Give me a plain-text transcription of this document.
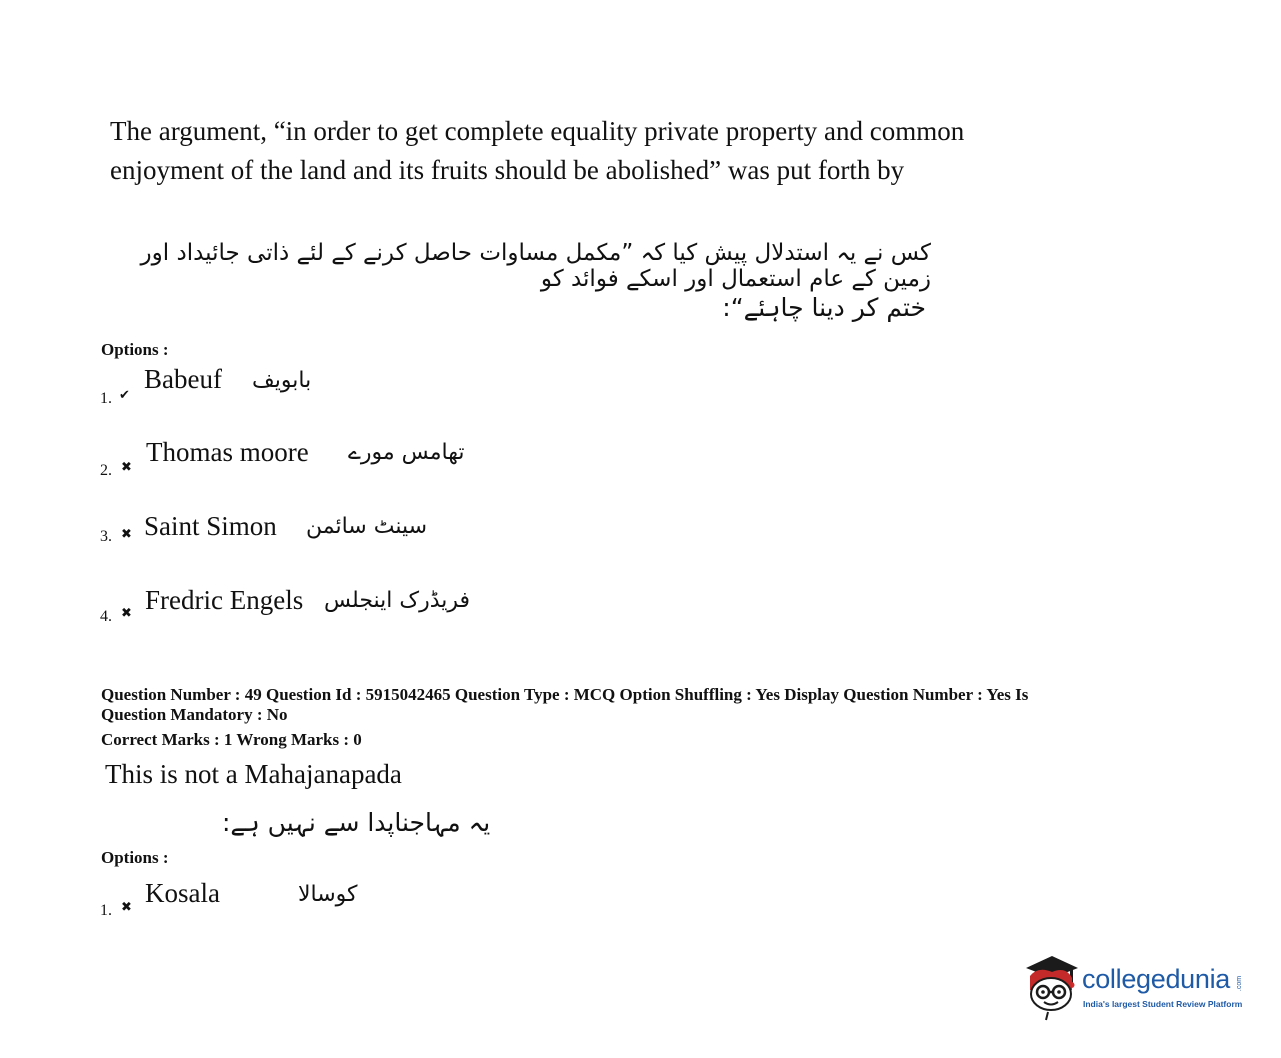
The argument, “in order to get complete equality private property and common enjoyment of the land and its fruits should be abolished” was put forth by
کس نے یہ استدلال پیش کیا کہ ”مکمل مساوات حاصل کرنے کے لئے ذاتی جائیداد اور زمین کے عام استعمال اور اسکے فوائد کو
ختم کر دینا چاہئے“:
Options :
1. ✔
Babeuf بابویف
2. ✖
Thomas moore تھامس مورے
3. ✖ Saint Simon سینٹ سائمن
4. ✖ Fredric Engels فریڈرک اینجلس
Question Number : 49 Question Id : 5915042465 Question Type : MCQ Option Shuffling : Yes Display Question Number : Yes Is
Question Mandatory : No
Correct Marks : 1 Wrong Marks : 0
This is not a Mahajanapada
یہ مہاجناپدا سے نہیں ہے:
Options :
1. ✖ Kosala	کوسالا
collegedunia .com
India's largest Student Review Platform
